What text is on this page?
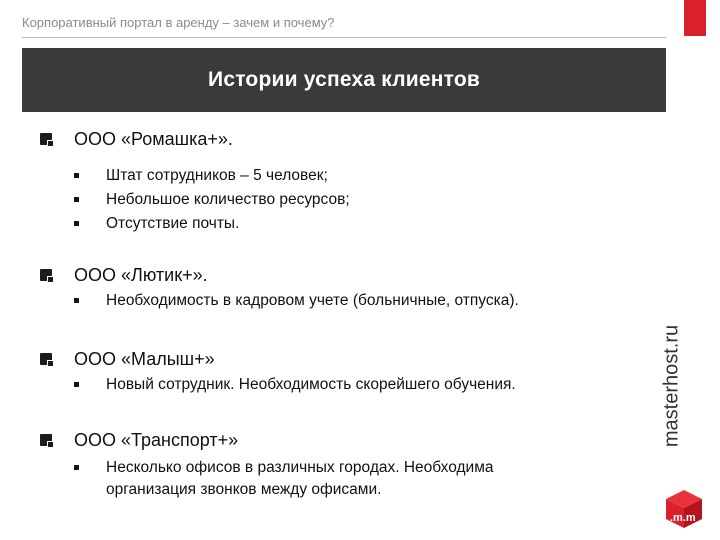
Корпоративный портал в аренду – зачем и почему?
Истории успеха клиентов
ООО «Ромашка+».
Штат сотрудников – 5 человек;
Небольшое количество ресурсов;
Отсутствие почты.
ООО «Лютик+».
Необходимость в кадровом учете (больничные, отпуска).
ООО «Малыш+»
Новый сотрудник. Необходимость скорейшего обучения.
ООО «Транспорт+»
Несколько офисов в различных городах. Необходима
организация звонков между офисами.
masterhost.ru
.m.m
